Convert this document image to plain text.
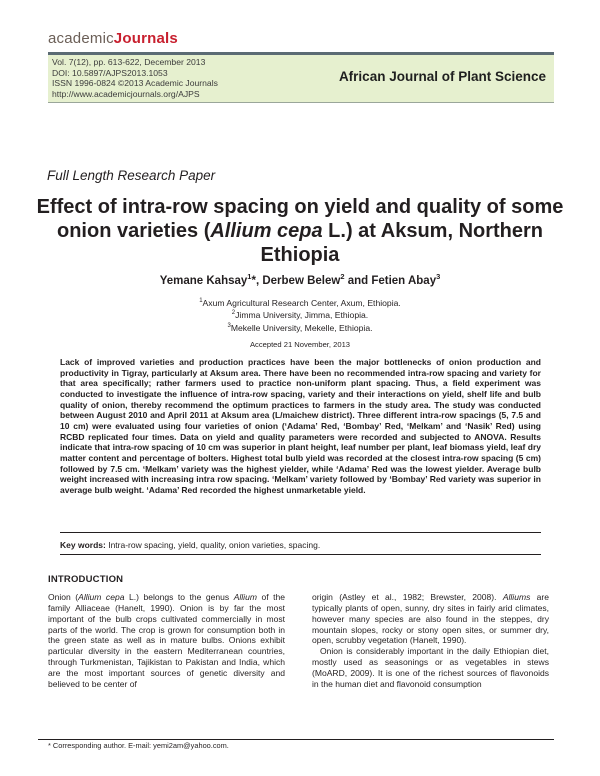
academicJournals
Vol. 7(12), pp. 613-622, December 2013
DOI: 10.5897/AJPS2013.1053
ISSN 1996-0824 ©2013 Academic Journals
http://www.academicjournals.org/AJPS
African Journal of Plant Science
Full Length Research Paper
Effect of intra-row spacing on yield and quality of some onion varieties (Allium cepa L.) at Aksum, Northern Ethiopia
Yemane Kahsay$^1$*, Derbew Belew$^2$ and Fetien Abay$^3$
$^1$Axum Agricultural Research Center, Axum, Ethiopia.
$^2$Jimma University, Jimma, Ethiopia.
$^3$Mekelle University, Mekelle, Ethiopia.
Accepted 21 November, 2013
Lack of improved varieties and production practices have been the major bottlenecks of onion production and productivity in Tigray, particularly at Aksum area. There have been no recommended intra-row spacing and variety for that area specifically; rather farmers used to practice non-uniform plant spacing. Thus, a field experiment was conducted to investigate the influence of intra-row spacing, variety and their interactions on yield, shelf life and bulb quality of onion, thereby recommend the optimum practices to farmers in the study area. The study was conducted between August 2010 and April 2011 at Aksum area (L/maichew district). Three different intra-row spacings (5, 7.5 and 10 cm) were evaluated using four varieties of onion (‘Adama’ Red, ‘Bombay’ Red, ‘Melkam’ and ‘Nasik’ Red) using RCBD replicated four times. Data on yield and quality parameters were recorded and subjected to ANOVA. Results indicate that intra-row spacing of 10 cm was superior in plant height, leaf number per plant, leaf biomass yield, leaf dry matter content and percentage of bolters. Highest total bulb yield was recorded at the closest intra-row spacing (5 cm) followed by 7.5 cm. ‘Melkam’ variety was the highest yielder, while ‘Adama’ Red was the lowest yielder. Average bulb weight increased with increasing intra row spacing. ‘Melkam’ variety followed by ‘Bombay’ Red variety was superior in average bulb weight. ‘Adama’ Red recorded the highest unmarketable yield.
Key words: Intra-row spacing, yield, quality, onion varieties, spacing.
INTRODUCTION

Onion (Allium cepa L.) belongs to the genus Allium of the family Alliaceae (Hanelt, 1990). Onion is by far the most important of the bulb crops cultivated commercially in most parts of the world. The crop is grown for consumption both in the green state as well as in mature bulbs. Onions exhibit particular diversity in the eastern Mediterranean countries, through Turkmenistan, Tajikistan to Pakistan and India, which are the most important sources of genetic diversity and believed to be center of

origin (Astley et al., 1982; Brewster, 2008). Alliums are typically plants of open, sunny, dry sites in fairly arid climates, however many species are also found in the steppes, dry mountain slopes, rocky or stony open sites, or summer dry, open, scrubby vegetation (Hanelt, 1990).

Onion is considerably important in the daily Ethiopian diet, mostly used as seasonings or as vegetables in stews (MoARD, 2009). It is one of the richest sources of flavonoids in the human diet and flavonoid consumption

* Corresponding author. E-mail: yemi2am@yahoo.com.
